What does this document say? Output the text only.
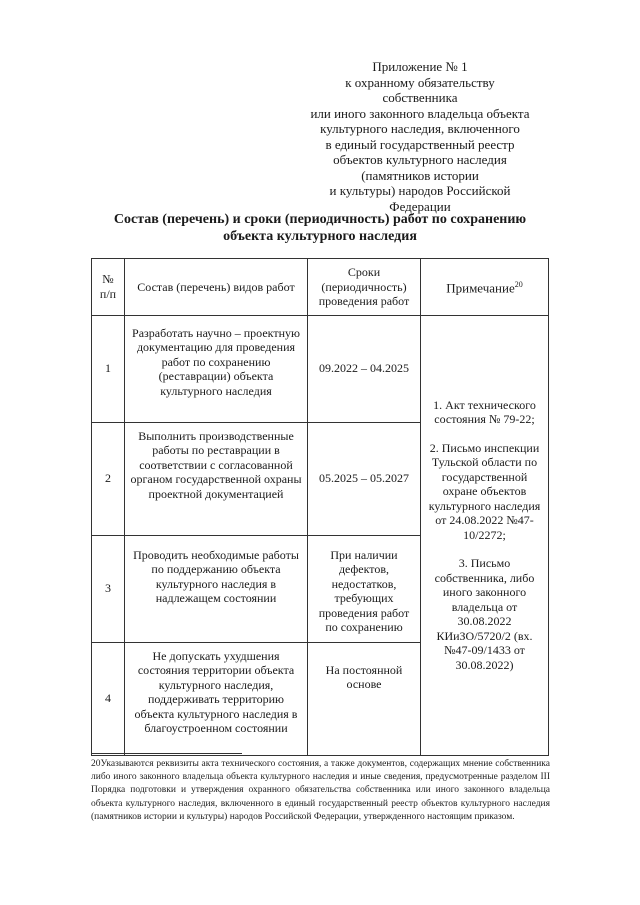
Приложение № 1
к охранному обязательству
собственника
или иного законного владельца объекта
культурного наследия, включенного
в единый государственный реестр
объектов культурного наследия
(памятников истории
и культуры) народов Российской
Федерации
Состав (перечень) и сроки (периодичность) работ по сохранению
объекта культурного наследия
№ п/п	Состав (перечень) видов работ	Сроки (периодичность) проведения работ	Примечание$^{20}$
1	Разработать научно – проектную документацию для проведения работ по сохранению (реставрации) объекта культурного наследия	09.2022 – 04.2025	1. Акт технического состояния № 79-22;

2. Письмо инспекции Тульской области по государственной охране объектов культурного наследия от 24.08.2022 №47-10/2272;

3. Письмо собственника, либо иного законного владельца от 30.08.2022 КИиЗО/5720/2 (вх. №47-09/1433 от 30.08.2022)

2	Выполнить производственные работы по реставрации в соответствии с согласованной органом государственной охраны проектной документацией	05.2025 – 05.2027	
3	Проводить необходимые работы по поддержанию объекта культурного наследия в надлежащем состоянии	При наличии дефектов, недостатков, требующих проведения работ по сохранению	
4	Не допускать ухудшения состояния территории объекта культурного наследия, поддерживать территорию объекта культурного наследия в благоустроенном состоянии	На постоянной основе	
20Указываются реквизиты акта технического состояния, а также документов, содержащих мнение собственника либо иного законного владельца объекта культурного наследия и иные сведения, предусмотренные разделом III Порядка подготовки и утверждения охранного обязательства собственника или иного законного владельца объекта культурного наследия, включенного в единый государственный реестр объектов культурного наследия (памятников истории и культуры) народов Российской Федерации, утвержденного настоящим приказом.
